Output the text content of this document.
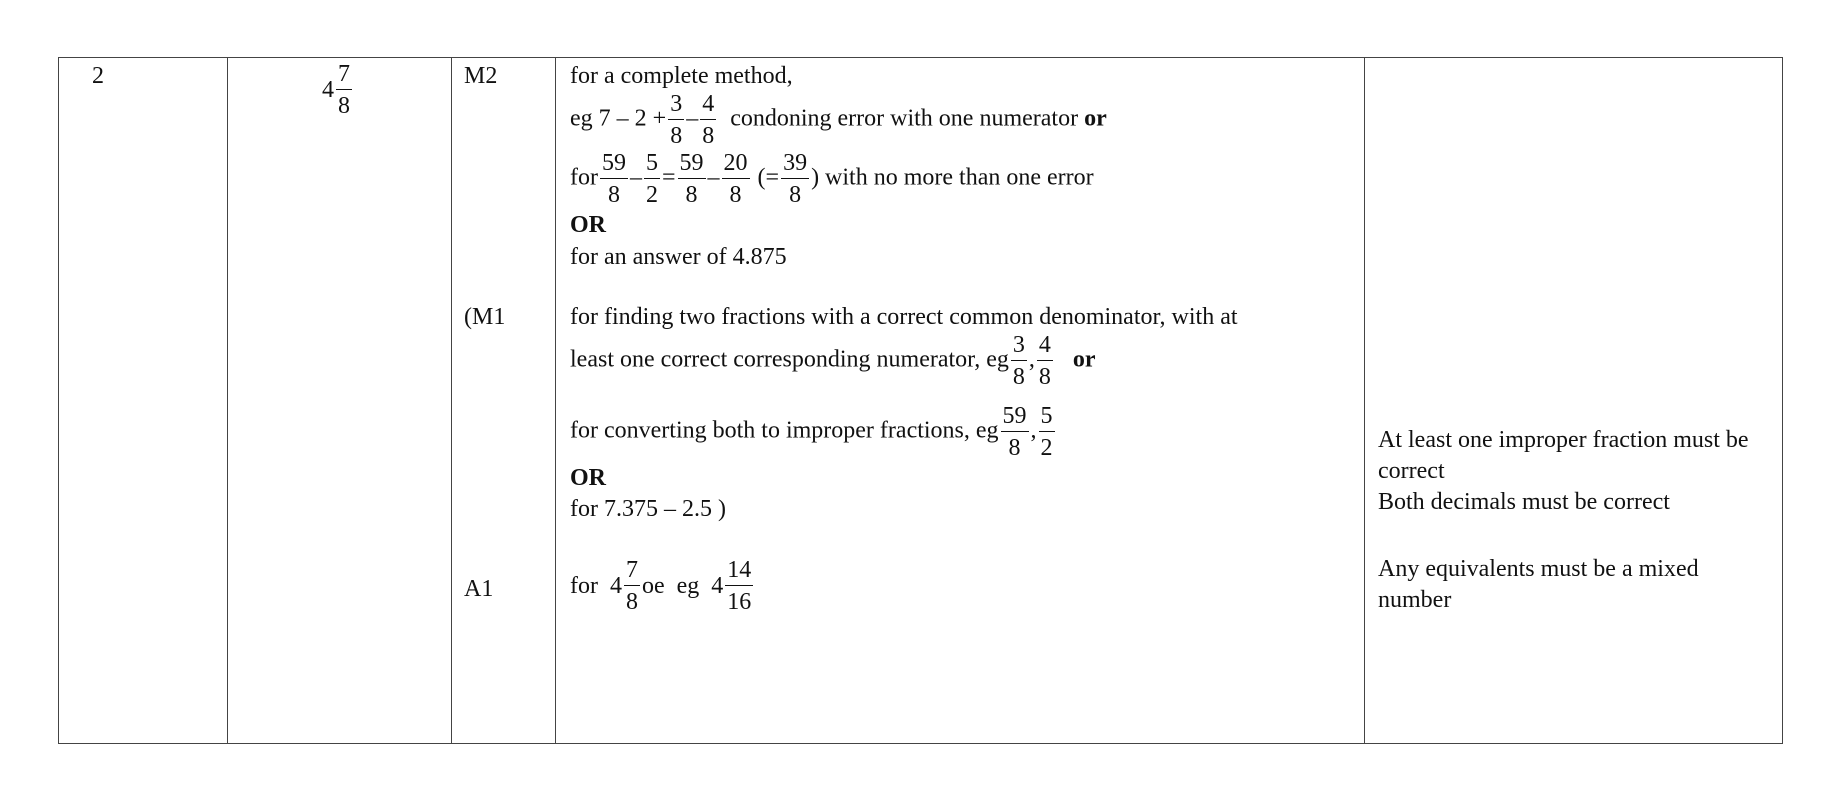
2
$4 \frac{7}{8}$	M2
(M1
A1
for a complete method,
eg $7 - 2 + \frac{3}{8} - \frac{4}{8}$ condoning error with one numerator or
for $\frac{59}{8} - \frac{5}{2} = \frac{59}{8} - \frac{20}{8}$ (= $\frac{39}{8}$ ) with no more than one error
OR
for an answer of 4.875
for finding two fractions with a correct common denominator, with at
least one correct corresponding numerator, eg $\frac{3}{8}$ , $\frac{4}{8}$ or
for converting both to improper fractions, eg $\frac{59}{8}$ , $\frac{5}{2}$
OR
for 7.375 – 2.5 )
for $4 \frac{7}{8}$ oe  eg $4 \frac{14}{16}$
At least one improper fraction must be correct
Both decimals must be correct
Any equivalents must be a mixed number
